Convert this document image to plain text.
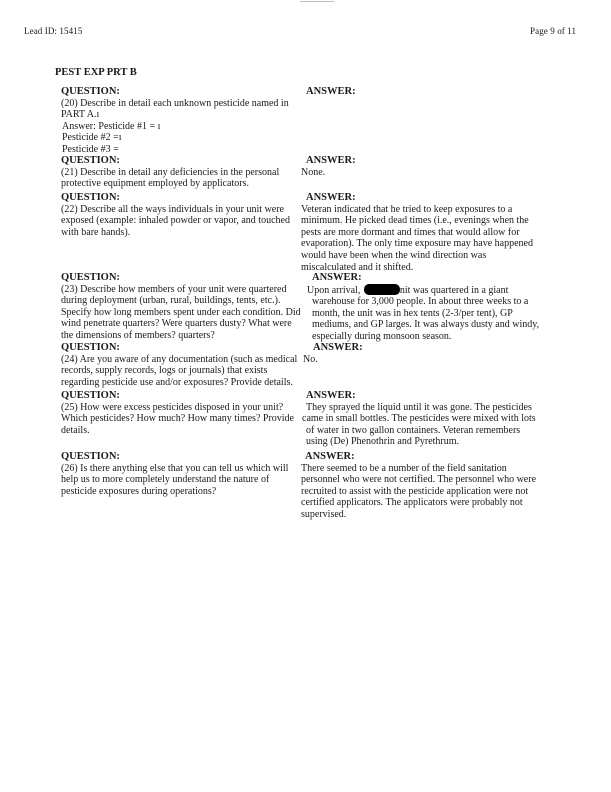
Lead ID: 15415	Page 9 of 11
PEST EXP PRT B
QUESTION:
(20) Describe in detail each unknown pesticide named in
PART A.ı
Answer: Pesticide #1 = ı
Pesticide #2 =ı
Pesticide #3 =
ANSWER:
QUESTION:
(21) Describe in detail any deficiencies in the personal
protective equipment employed by applicators.
ANSWER:
None.
QUESTION:
(22) Describe all the ways individuals in your unit were
exposed (example: inhaled powder or vapor, and touched
with bare hands).
ANSWER:
Veteran indicated that he tried to keep exposures to a
minimum. He picked dead times (i.e., evenings when the
pests are more dormant and times that would allow for
evaporation). The only time exposure may have happened
would have been when the wind direction was
miscalculated and it shifted.
QUESTION:
(23) Describe how members of your unit were quartered
during deployment (urban, rural, buildings, tents, etc.).
Specify how long members spent under each condition. Did
wind penetrate quarters? Were quarters dusty? What were
the dimensions of members? quarters?
ANSWER:
Upon arrival,	nit was quartered in a giant
warehouse for 3,000 people. In about three weeks to a
month, the unit was in hex tents (2-3/per tent), GP
mediums, and GP larges. It was always dusty and windy,
especially during monsoon season.
QUESTION:
(24) Are you aware of any documentation (such as medical
records, supply records, logs or journals) that exists
regarding pesticide use and/or exposures? Provide details.
ANSWER:
No.
QUESTION:
(25) How were excess pesticides disposed in your unit?
Which pesticides? How much? How many times? Provide
details.
ANSWER:
They sprayed the liquid until it was gone. The pesticides
came in small bottles. The pesticides were mixed with lots
of water in two gallon containers. Veteran remembers
using (De) Phenothrin and Pyrethrum.
QUESTION:
(26) Is there anything else that you can tell us which will
help us to more completely understand the nature of
pesticide exposures during operations?
ANSWER:
There seemed to be a number of the field sanitation
personnel who were not certified. The personnel who were
recruited to assist with the pesticide application were not
certified applicators. The applicators were probably not
supervised.
